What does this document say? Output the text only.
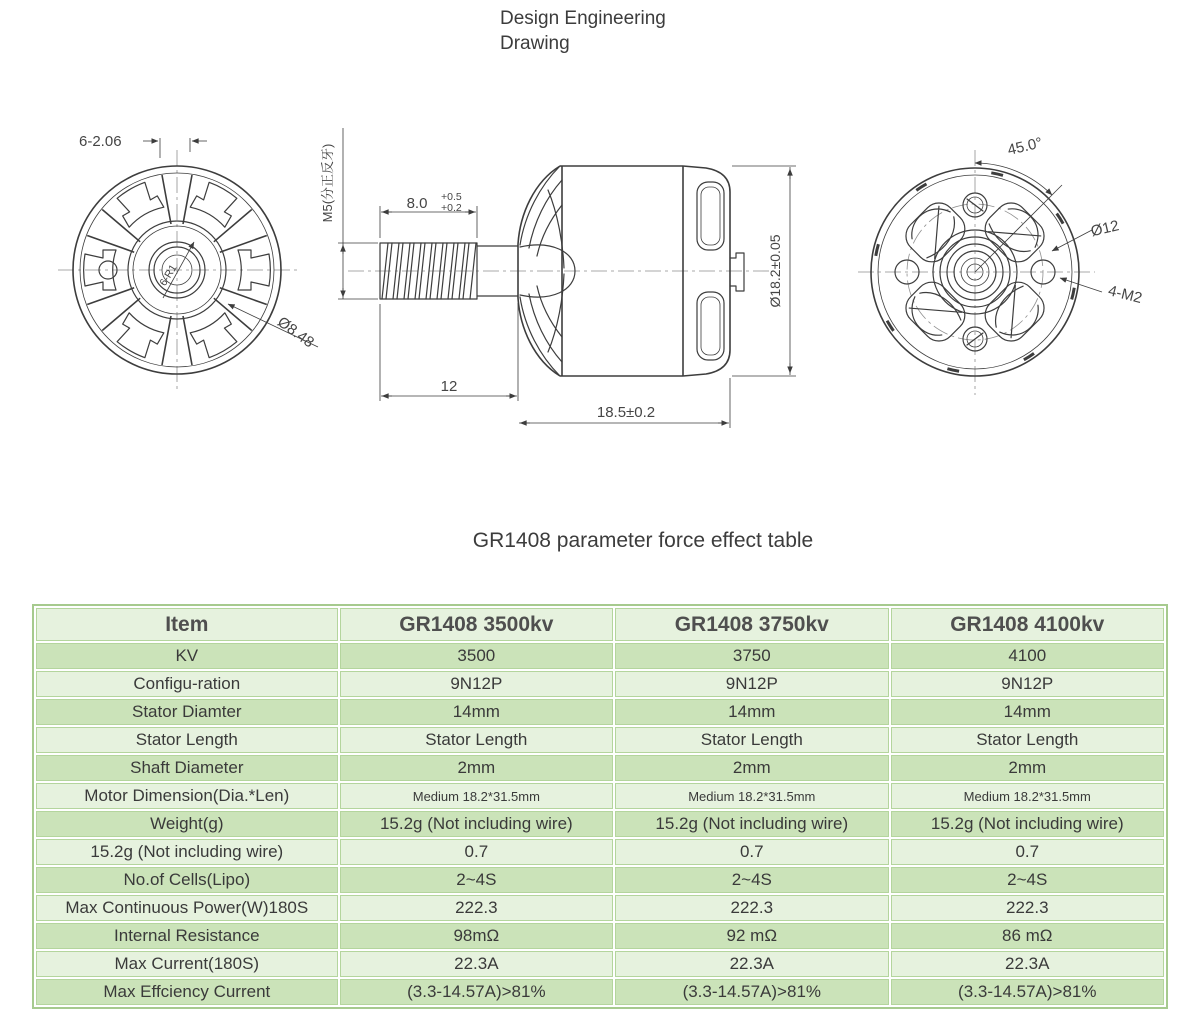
Design Engineering Drawing
6-2.06
Ø8.48
6-R1
M5(分正反牙)	8.0 +0.5
+0.2
12
18.5±0.2
Ø18.2±0.05
45.0°
Ø12
4-M2
GR1408 parameter force effect table
Item	GR1408 3500kv	GR1408 3750kv	GR1408 4100kv
KV	3500	3750	4100
Configu-ration	9N12P	9N12P	9N12P
Stator Diamter	14mm	14mm	14mm
Stator Length	Stator Length	Stator Length	Stator Length
Shaft Diameter	2mm	2mm	2mm
Motor Dimension(Dia.*Len)	Medium 18.2*31.5mm	Medium 18.2*31.5mm	Medium 18.2*31.5mm
Weight(g)	15.2g (Not including wire)	15.2g (Not including wire)	15.2g (Not including wire)
15.2g (Not including wire)	0.7	0.7	0.7
No.of Cells(Lipo)	2~4S	2~4S	2~4S
Max Continuous Power(W)180S	222.3	222.3	222.3
Internal Resistance	98mΩ	92 mΩ	86 mΩ
Max Current(180S)	22.3A	22.3A	22.3A
Max Effciency Current	(3.3-14.57A)>81%	(3.3-14.57A)>81%	(3.3-14.57A)>81%
